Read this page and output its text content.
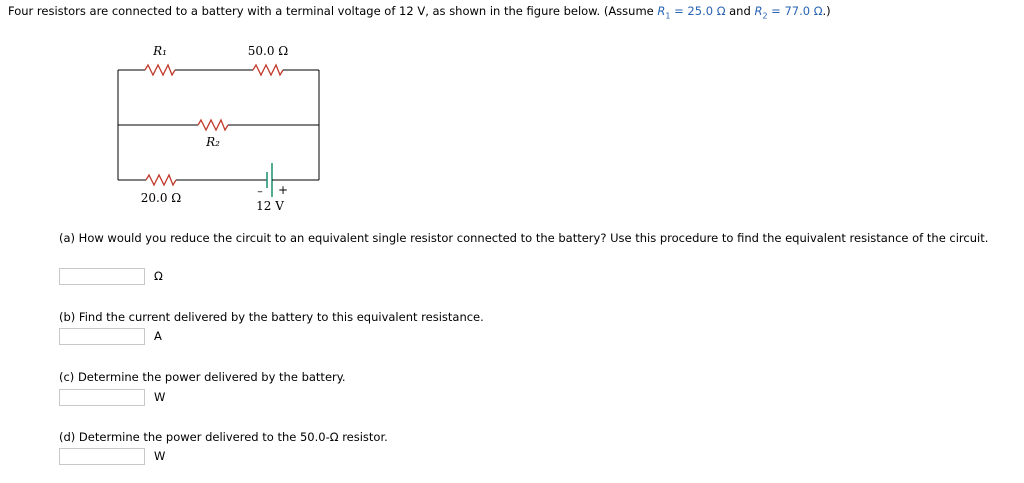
Four resistors are connected to a battery with a terminal voltage of 12 V, as shown in the figure below. (Assume $R_1 = 25.0$ Ω and $R_2 = 77.0$ Ω.)
R₁	50.0 Ω
R₂
20.0 Ω	– +
12 V
(a) How would you reduce the circuit to an equivalent single resistor connected to the battery? Use this procedure to find the equivalent resistance of the circuit.
Ω
(b) Find the current delivered by the battery to this equivalent resistance.
A
(c) Determine the power delivered by the battery.
W
(d) Determine the power delivered to the 50.0-Ω resistor.
W
